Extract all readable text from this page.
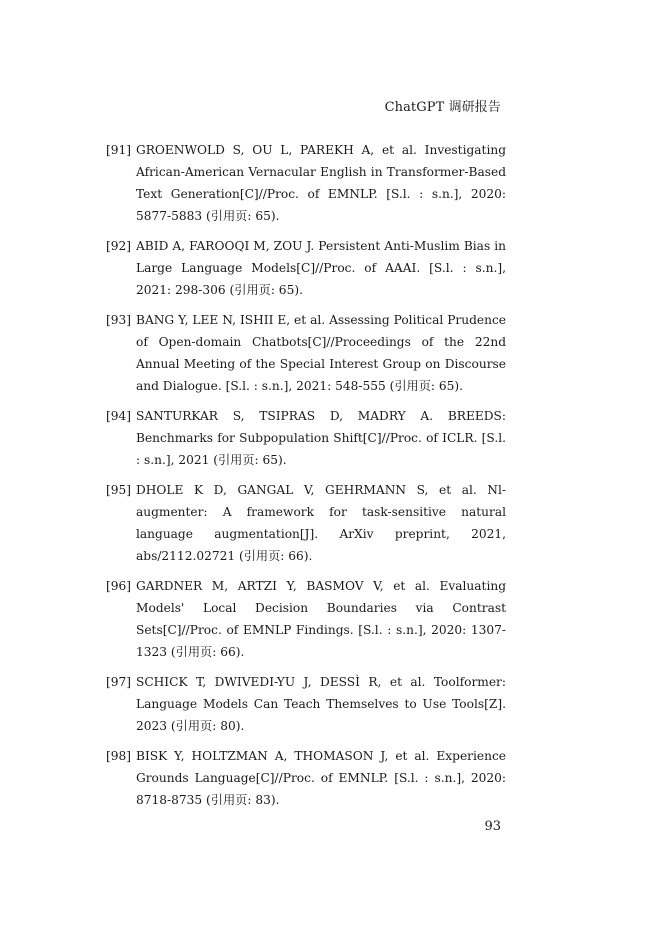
ChatGPT 调研报告
[91] GROENWOLD S, OU L, PAREKH A, et al. Investigating African-American Vernacular English in Transformer-Based Text Generation[C]//Proc. of EMNLP. [S.l. : s.n.], 2020: 5877-5883 (引用页: 65).
[92] ABID A, FAROOQI M, ZOU J. Persistent Anti-Muslim Bias in Large Language Models[C]//Proc. of AAAI. [S.l. : s.n.], 2021: 298-306 (引用页: 65).
[93] BANG Y, LEE N, ISHII E, et al. Assessing Political Prudence of Open-domain Chatbots[C]//Proceedings of the 22nd Annual Meeting of the Special Interest Group on Discourse and Dialogue. [S.l. : s.n.], 2021: 548-555 (引用页: 65).
[94] SANTURKAR S, TSIPRAS D, MADRY A. BREEDS: Benchmarks for Subpopulation Shift[C]//Proc. of ICLR. [S.l. : s.n.], 2021 (引用页: 65).
[95] DHOLE K D, GANGAL V, GEHRMANN S, et al. Nl-augmenter: A framework for task-sensitive natural language augmentation[J]. ArXiv preprint, 2021, abs/2112.02721 (引用页: 66).
[96] GARDNER M, ARTZI Y, BASMOV V, et al. Evaluating Models' Local Decision Boundaries via Contrast Sets[C]//Proc. of EMNLP Findings. [S.l. : s.n.], 2020: 1307-1323 (引用页: 66).
[97] SCHICK T, DWIVEDI-YU J, DESSÌ R, et al. Toolformer: Language Models Can Teach Themselves to Use Tools[Z]. 2023 (引用页: 80).
[98] BISK Y, HOLTZMAN A, THOMASON J, et al. Experience Grounds Language[C]//Proc. of EMNLP. [S.l. : s.n.], 2020: 8718-8735 (引用页: 83).
93
